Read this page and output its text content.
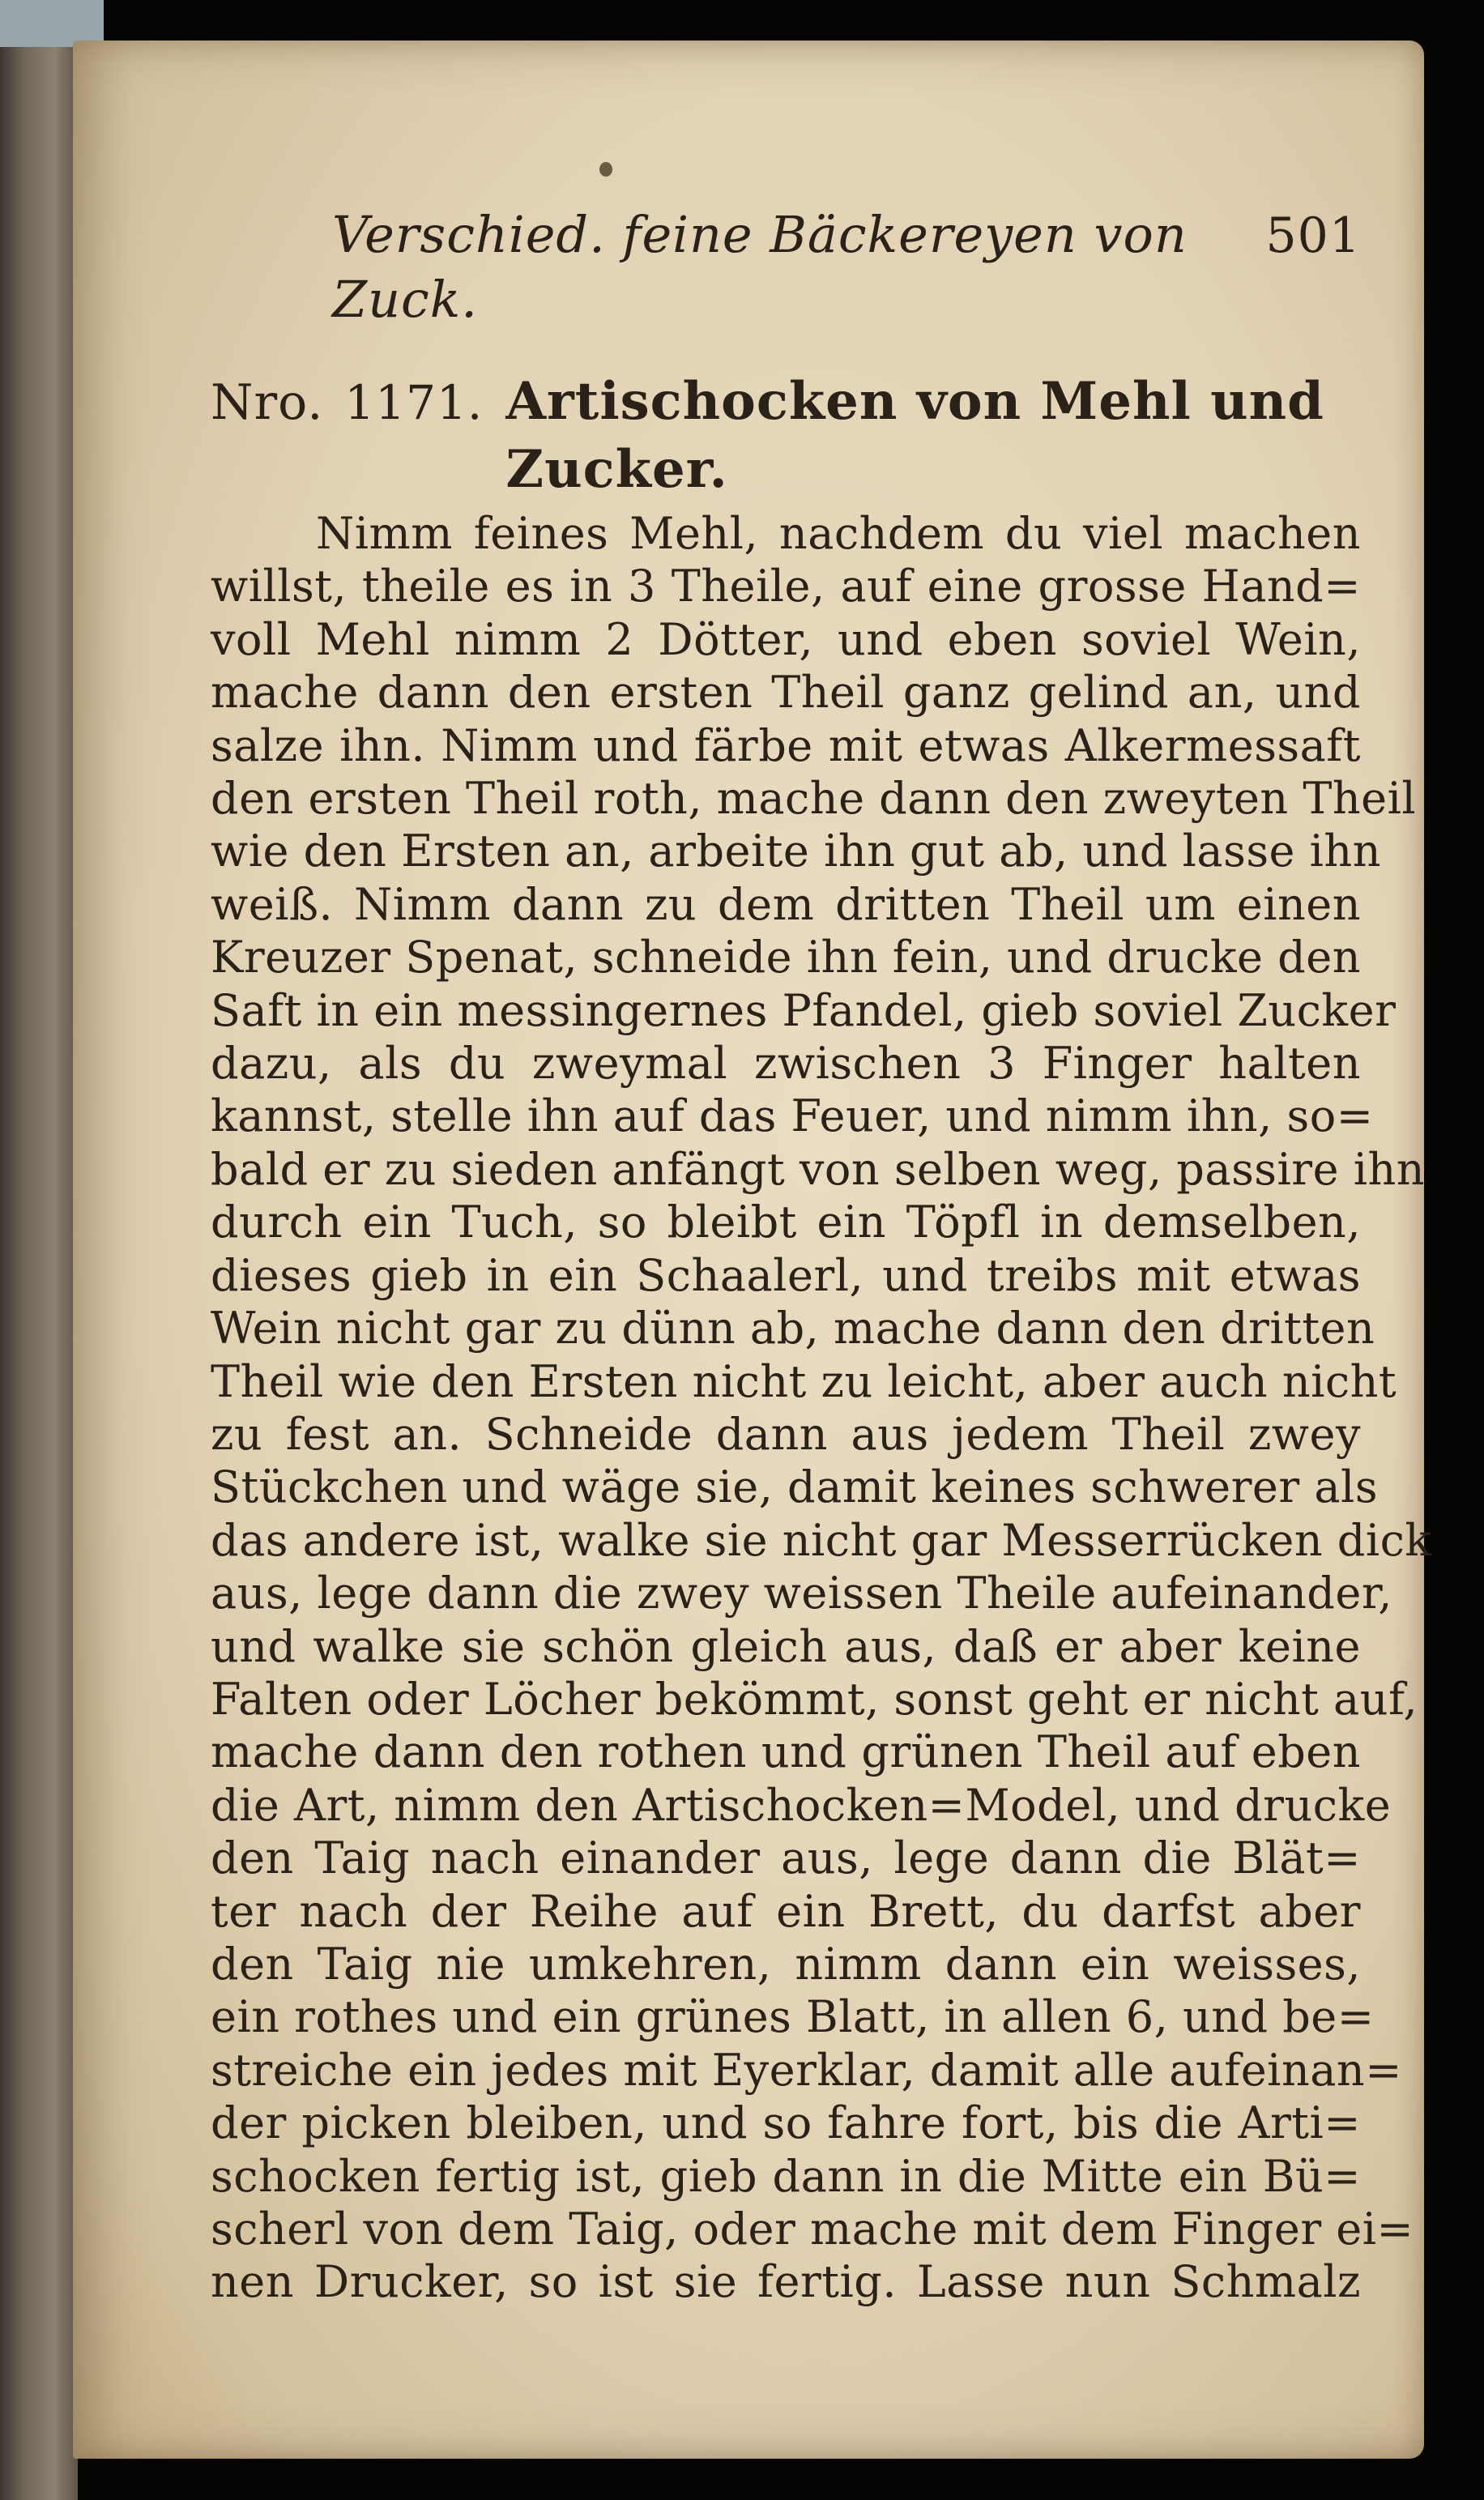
Verschied. feine Bäckereyen von Zuck.
501
Nro. 1171. Artischocken von Mehl und Zucker.
Nimm feines Mehl, nachdem du viel machen
willst, theile es in 3 Theile, auf eine grosse Hand=
voll Mehl nimm 2 Dötter, und eben soviel Wein,
mache dann den ersten Theil ganz gelind an, und
salze ihn. Nimm und färbe mit etwas Alkermessaft
den ersten Theil roth, mache dann den zweyten Theil
wie den Ersten an, arbeite ihn gut ab, und lasse ihn
weiß. Nimm dann zu dem dritten Theil um einen
Kreuzer Spenat, schneide ihn fein, und drucke den
Saft in ein messingernes Pfandel, gieb soviel Zucker
dazu, als du zweymal zwischen 3 Finger halten
kannst, stelle ihn auf das Feuer, und nimm ihn, so=
bald er zu sieden anfängt von selben weg, passire ihn
durch ein Tuch, so bleibt ein Töpfl in demselben,
dieses gieb in ein Schaalerl, und treibs mit etwas
Wein nicht gar zu dünn ab, mache dann den dritten
Theil wie den Ersten nicht zu leicht, aber auch nicht
zu fest an. Schneide dann aus jedem Theil zwey
Stückchen und wäge sie, damit keines schwerer als
das andere ist, walke sie nicht gar Messerrücken dick
aus, lege dann die zwey weissen Theile aufeinander,
und walke sie schön gleich aus, daß er aber keine
Falten oder Löcher bekömmt, sonst geht er nicht auf,
mache dann den rothen und grünen Theil auf eben
die Art, nimm den Artischocken=Model, und drucke
den Taig nach einander aus, lege dann die Blät=
ter nach der Reihe auf ein Brett, du darfst aber
den Taig nie umkehren, nimm dann ein weisses,
ein rothes und ein grünes Blatt, in allen 6, und be=
streiche ein jedes mit Eyerklar, damit alle aufeinan=
der picken bleiben, und so fahre fort, bis die Arti=
schocken fertig ist, gieb dann in die Mitte ein Bü=
scherl von dem Taig, oder mache mit dem Finger ei=
nen Drucker, so ist sie fertig. Lasse nun Schmalz
